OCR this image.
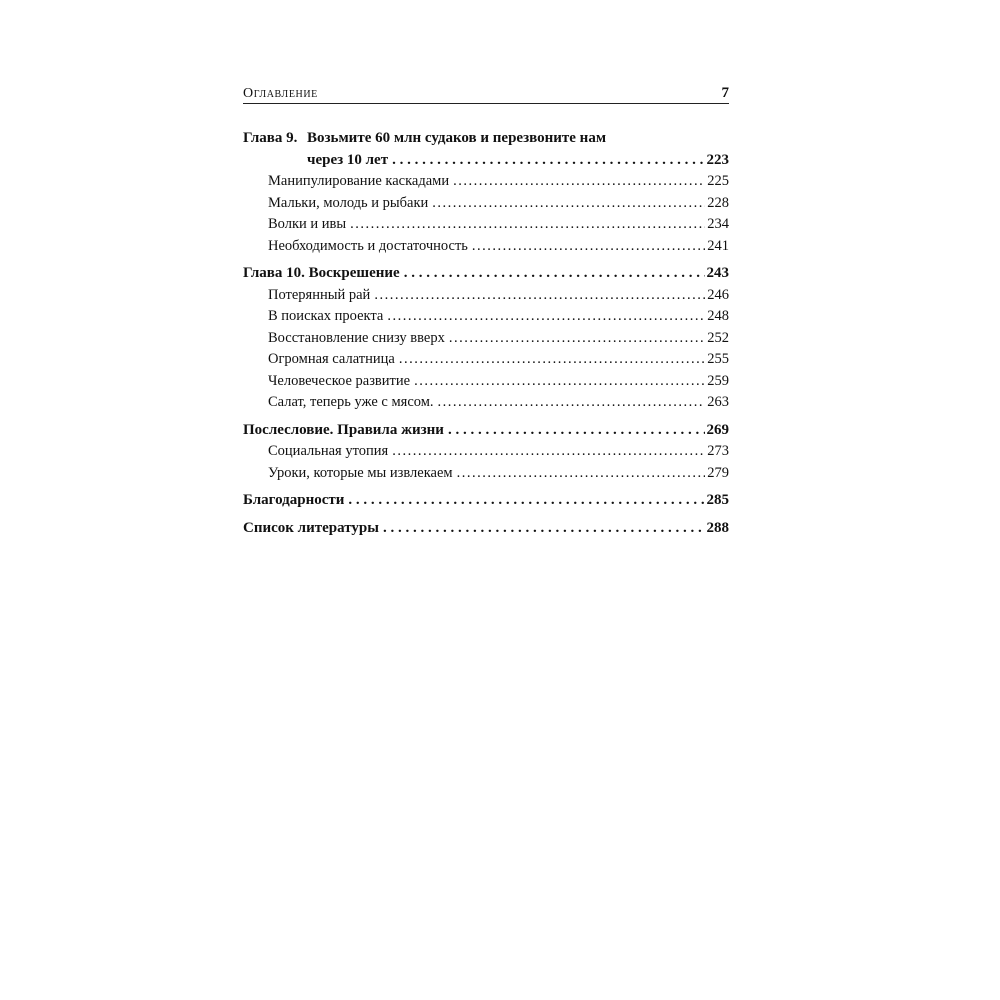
Оглавление	7
Глава 9. Возьмите 60 млн судаков и перезвоните нам
через 10 лет . . .	223
Манипулирование каскадами .....	225
Мальки, молодь и рыбаки .....	228
Волки и ивы .....	234
Необходимость и достаточность .....	241
Глава 10. Воскрешение . . .	243
Потерянный рай .....	246
В поисках проекта .....	248
Восстановление снизу вверх .....	252
Огромная салатница .....	255
Человеческое развитие .....	259
Салат, теперь уже с мясом. .....	263
Послесловие. Правила жизни . . .	269
Социальная утопия .....	273
Уроки, которые мы извлекаем .....	279
Благодарности . . .	285
Список литературы . . .	288
